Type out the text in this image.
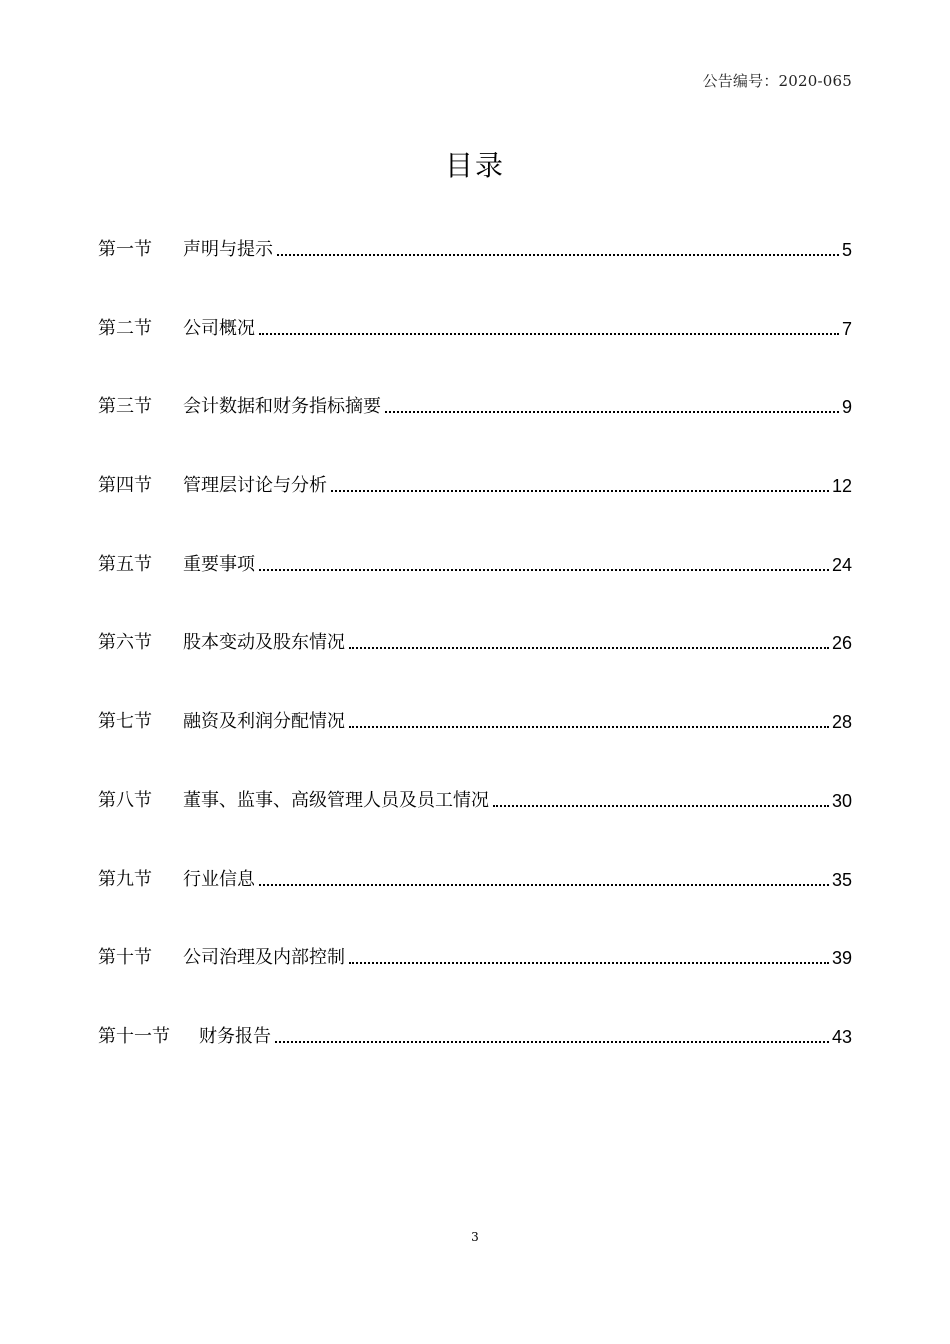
公告编号：2020-065
目录
第一节	声明与提示	5
第二节	公司概况	7
第三节	会计数据和财务指标摘要	9
第四节	管理层讨论与分析	12
第五节	重要事项	24
第六节	股本变动及股东情况	26
第七节	融资及利润分配情况	28
第八节	董事、监事、高级管理人员及员工情况	30
第九节	行业信息	35
第十节	公司治理及内部控制	39
第十一节	财务报告	43
3
